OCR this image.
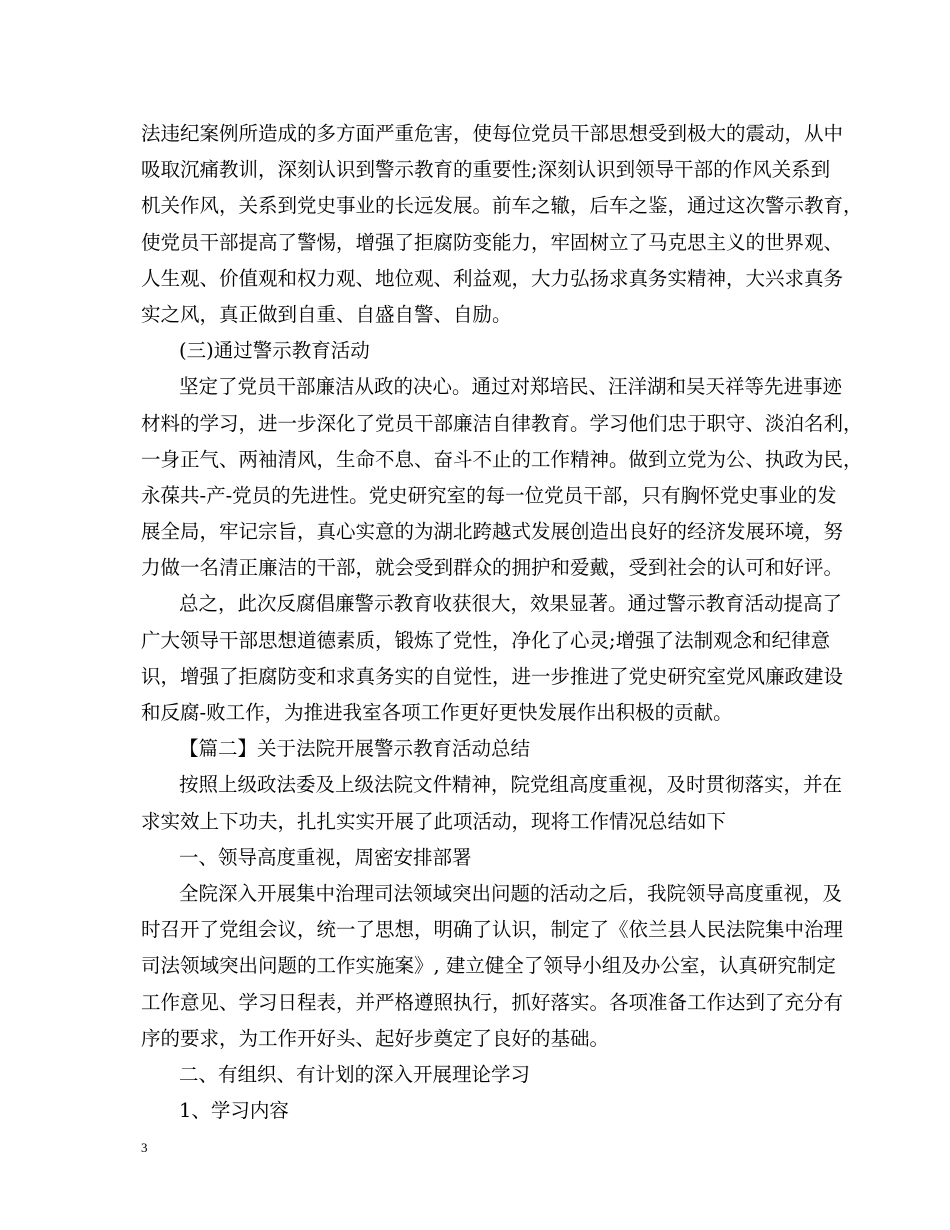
法违纪案例所造成的多方面严重危害，使每位党员干部思想受到极大的震动，从中
吸取沉痛教训，深刻认识到警示教育的重要性;深刻认识到领导干部的作风关系到
机关作风，关系到党史事业的长远发展。前车之辙，后车之鉴，通过这次警示教育，
使党员干部提高了警惕，增强了拒腐防变能力，牢固树立了马克思主义的世界观、
人生观、价值观和权力观、地位观、利益观，大力弘扬求真务实精神，大兴求真务
实之风，真正做到自重、自盛自警、自励。
(三)通过警示教育活动
坚定了党员干部廉洁从政的决心。通过对郑培民、汪洋湖和吴天祥等先进事迹
材料的学习，进一步深化了党员干部廉洁自律教育。学习他们忠于职守、淡泊名利，
一身正气、两袖清风，生命不息、奋斗不止的工作精神。做到立党为公、执政为民，
永葆共-产-党员的先进性。党史研究室的每一位党员干部，只有胸怀党史事业的发
展全局，牢记宗旨，真心实意的为湖北跨越式发展创造出良好的经济发展环境，努
力做一名清正廉洁的干部，就会受到群众的拥护和爱戴，受到社会的认可和好评。
总之，此次反腐倡廉警示教育收获很大，效果显著。通过警示教育活动提高了
广大领导干部思想道德素质，锻炼了党性，净化了心灵;增强了法制观念和纪律意
识，增强了拒腐防变和求真务实的自觉性，进一步推进了党史研究室党风廉政建设
和反腐-败工作，为推进我室各项工作更好更快发展作出积极的贡献。
【篇二】关于法院开展警示教育活动总结
按照上级政法委及上级法院文件精神，院党组高度重视，及时贯彻落实，并在
求实效上下功夫，扎扎实实开展了此项活动，现将工作情况总结如下
一、领导高度重视，周密安排部署
全院深入开展集中治理司法领域突出问题的活动之后，我院领导高度重视，及
时召开了党组会议，统一了思想，明确了认识，制定了《依兰县人民法院集中治理
司法领域突出问题的工作实施案》, 建立健全了领导小组及办公室，认真研究制定
工作意见、学习日程表，并严格遵照执行，抓好落实。各项准备工作达到了充分有
序的要求，为工作开好头、起好步奠定了良好的基础。
二、有组织、有计划的深入开展理论学习
1、学习内容
3
